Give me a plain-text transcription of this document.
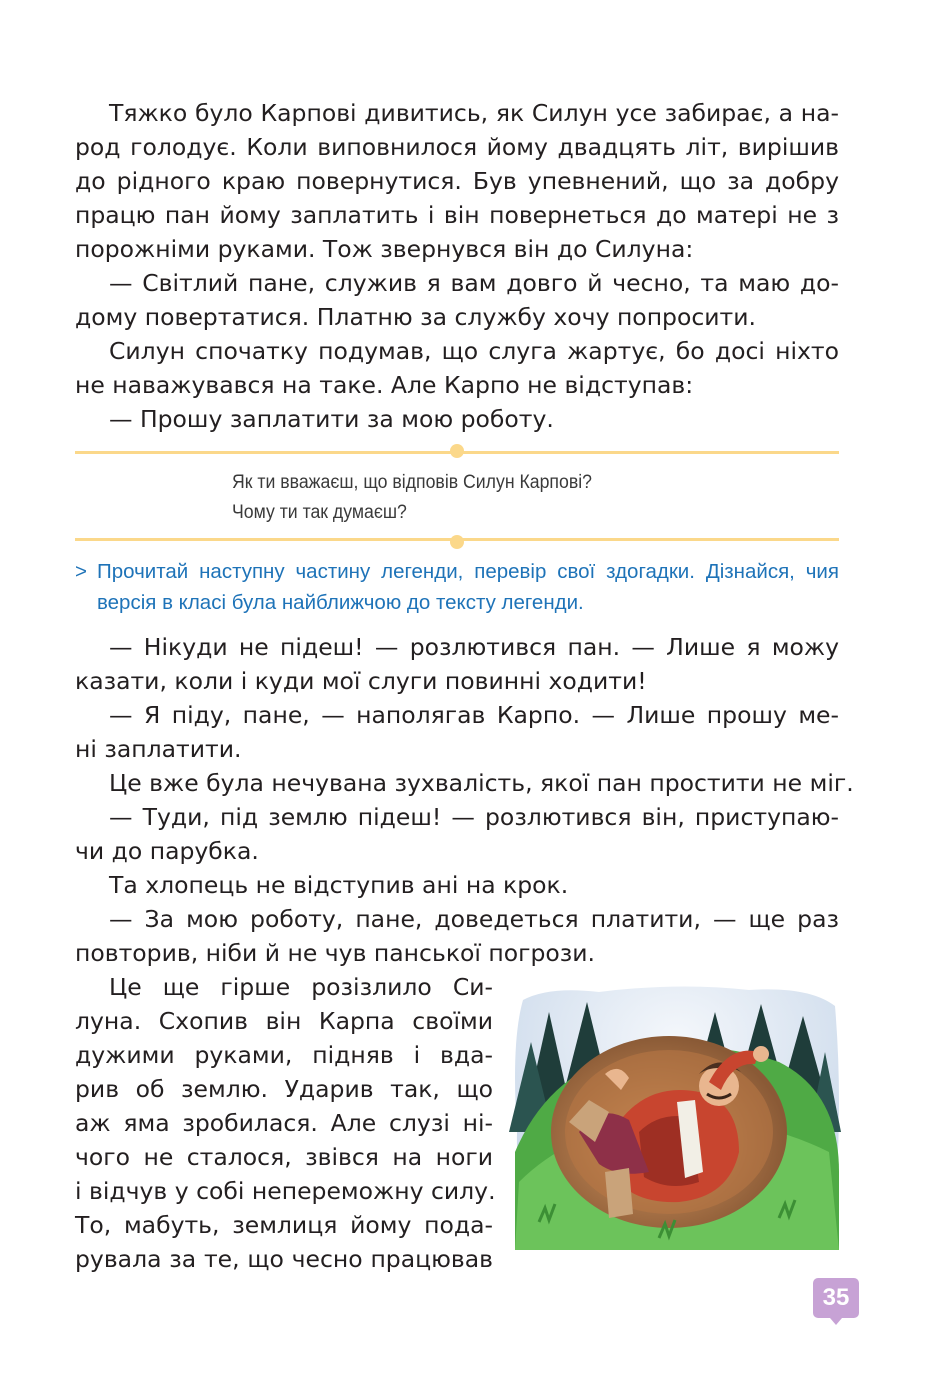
Тяжко було Карпові дивитись, як Силун усе забирає, а на-
род голодує. Коли виповнилося йому двадцять літ, вирішив
до рідного краю повернутися. Був упевнений, що за добру
працю пан йому заплатить і він повернеться до матері не з
порожніми руками. Тож звернувся він до Силуна:
— Світлий пане, служив я вам довго й чесно, та маю до-
дому повертатися. Платню за службу хочу попросити.
Силун спочатку подумав, що слуга жартує, бо досі ніхто
не наважувався на таке. Але Карпо не відступав:
— Прошу заплатити за мою роботу.
Як ти вважаєш, що відповів Силун Карпові?
Чому ти так думаєш?
> Прочитай наступну частину легенди, перевір свої здогадки. Дізнайся, чия
версія в класі була найближчою до тексту легенди.
— Нікуди не підеш! — розлютився пан. — Лише я можу
казати, коли і куди мої слуги повинні ходити!
— Я піду, пане, — наполягав Карпо. — Лише прошу ме-
ні заплатити.
Це вже була нечувана зухвалість, якої пан простити не міг.
— Туди, під землю підеш! — розлютився він, приступаю-
чи до парубка.
Та хлопець не відступив ані на крок.
— За мою роботу, пане, доведеться платити, — ще раз
повторив, ніби й не чув панської погрози.
Це ще гірше розізлило Си-
луна. Схопив він Карпа своїми
дужими руками, підняв і вда-
рив об землю. Ударив так, що
аж яма зробилася. Але слузі ні-
чого не сталося, звівся на ноги
і відчув у собі непереможну силу.
То, мабуть, землиця йому пода-
рувала за те, що чесно працював
35
